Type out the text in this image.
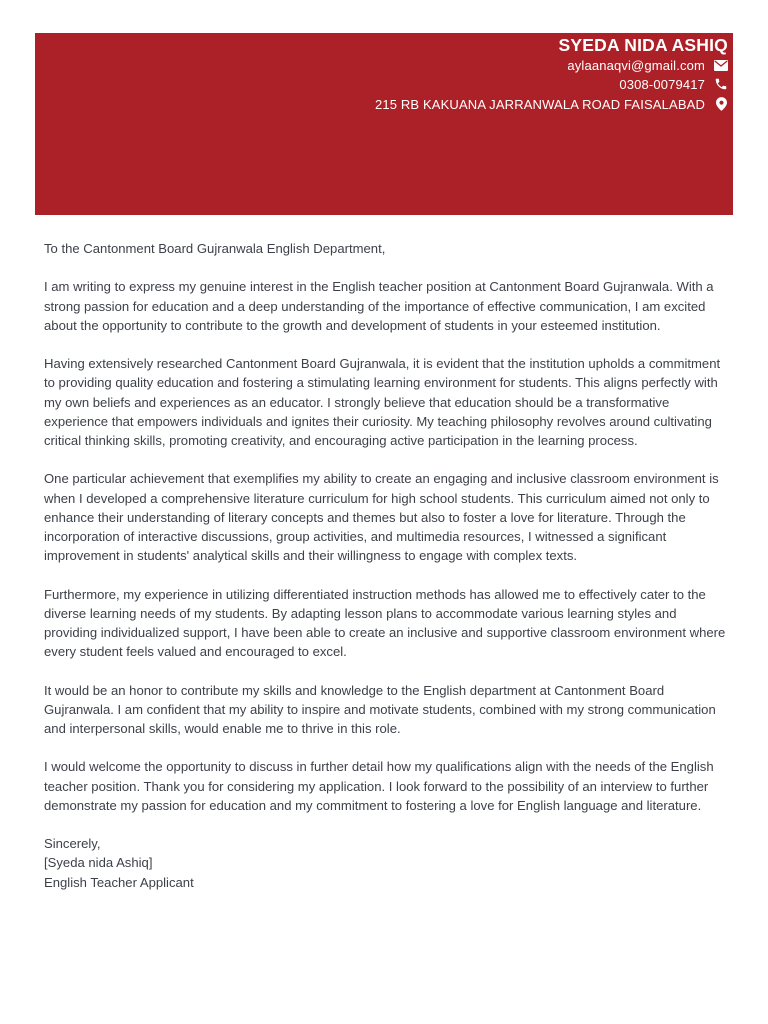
SYEDA NIDA ASHIQ
aylaanaqvi@gmail.com
0308-0079417
215 RB KAKUANA JARRANWALA ROAD FAISALABAD

To the Cantonment Board Gujranwala English Department,

I am writing to express my genuine interest in the English teacher position at Cantonment Board Gujranwala. With a strong passion for education and a deep understanding of the importance of effective communication, I am excited about the opportunity to contribute to the growth and development of students in your esteemed institution.

Having extensively researched Cantonment Board Gujranwala, it is evident that the institution upholds a commitment to providing quality education and fostering a stimulating learning environment for students. This aligns perfectly with my own beliefs and experiences as an educator. I strongly believe that education should be a transformative experience that empowers individuals and ignites their curiosity. My teaching philosophy revolves around cultivating critical thinking skills, promoting creativity, and encouraging active participation in the learning process.

One particular achievement that exemplifies my ability to create an engaging and inclusive classroom environment is when I developed a comprehensive literature curriculum for high school students. This curriculum aimed not only to enhance their understanding of literary concepts and themes but also to foster a love for literature. Through the incorporation of interactive discussions, group activities, and multimedia resources, I witnessed a significant improvement in students' analytical skills and their willingness to engage with complex texts.

Furthermore, my experience in utilizing differentiated instruction methods has allowed me to effectively cater to the diverse learning needs of my students. By adapting lesson plans to accommodate various learning styles and providing individualized support, I have been able to create an inclusive and supportive classroom environment where every student feels valued and encouraged to excel.

It would be an honor to contribute my skills and knowledge to the English department at Cantonment Board Gujranwala. I am confident that my ability to inspire and motivate students, combined with my strong communication and interpersonal skills, would enable me to thrive in this role.

I would welcome the opportunity to discuss in further detail how my qualifications align with the needs of the English teacher position. Thank you for considering my application. I look forward to the possibility of an interview to further demonstrate my passion for education and my commitment to fostering a love for English language and literature.

Sincerely,
[Syeda nida Ashiq]
English Teacher Applicant
